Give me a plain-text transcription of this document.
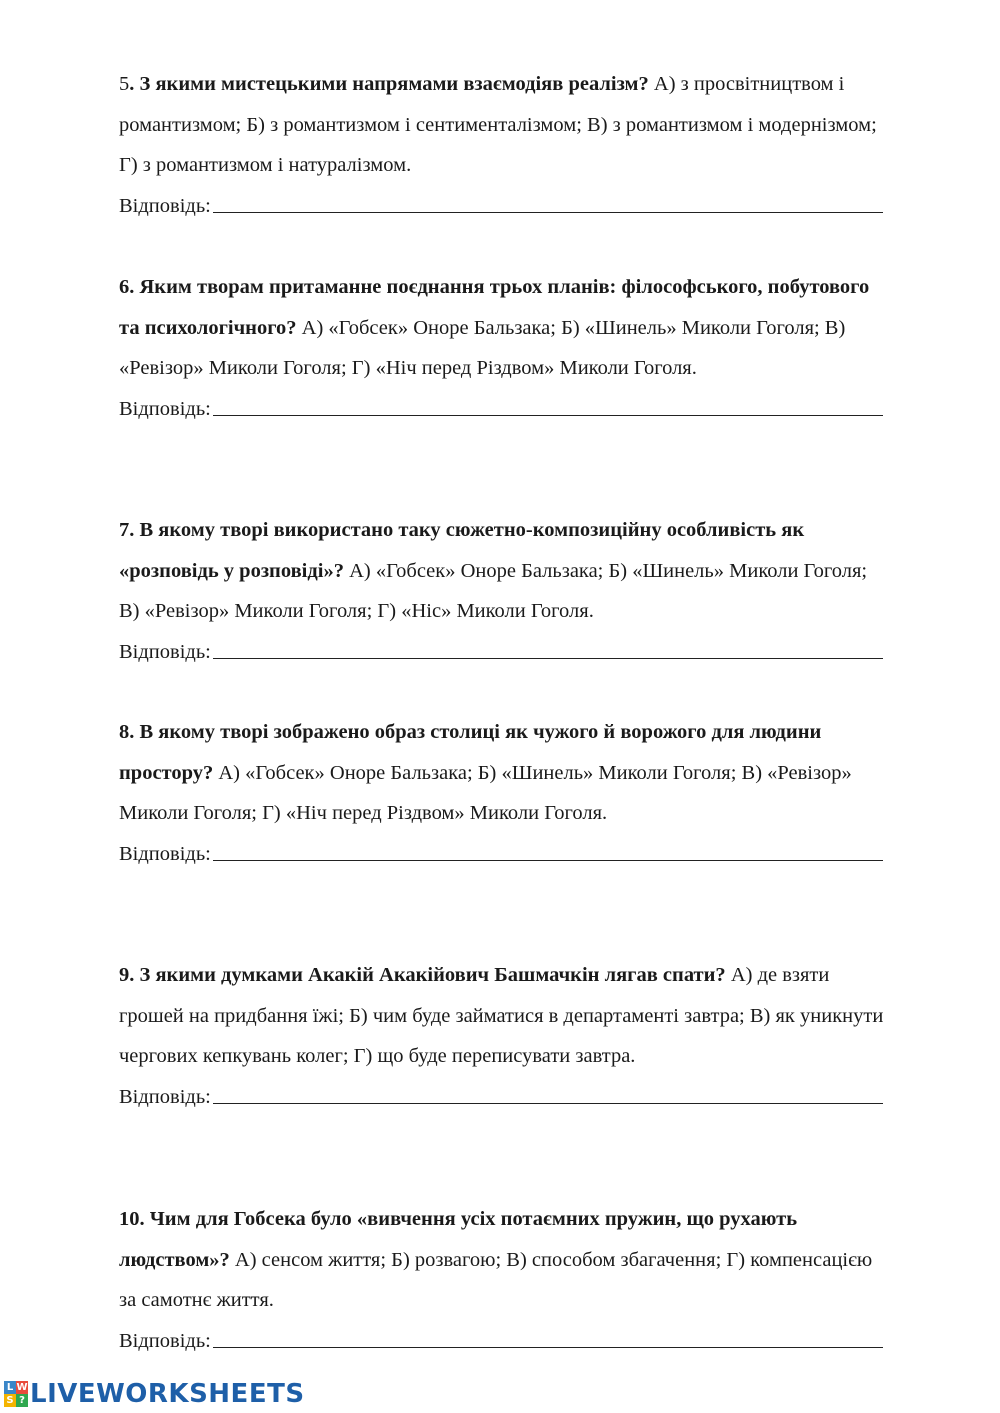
5. З якими мистецькими напрямами взаємодіяв реалізм? А) з просвітництвом і романтизмом; Б) з романтизмом і сентименталізмом; В) з романтизмом і модернізмом; Г) з романтизмом і натуралізмом.
Відповідь:
6. Яким творам притаманне поєднання трьох планів: філософського, побутового та психологічного? А) «Гобсек» Оноре Бальзака; Б) «Шинель» Миколи Гоголя; В) «Ревізор» Миколи Гоголя; Г) «Ніч перед Різдвом» Миколи Гоголя.
Відповідь:
7. В якому творі використано таку сюжетно-композиційну особливість як «розповідь у розповіді»? А) «Гобсек» Оноре Бальзака; Б) «Шинель» Миколи Гоголя; В) «Ревізор» Миколи Гоголя; Г) «Ніс» Миколи Гоголя.
Відповідь:
8. В якому творі зображено образ столиці як чужого й ворожого для людини простору? А) «Гобсек» Оноре Бальзака; Б) «Шинель» Миколи Гоголя; В) «Ревізор» Миколи Гоголя; Г) «Ніч перед Різдвом» Миколи Гоголя.
Відповідь:
9. З якими думками Акакій Акакійович Башмачкін лягав спати? А) де взяти грошей на придбання їжі; Б) чим буде займатися в департаменті завтра; В) як уникнути чергових кепкувань колег; Г) що буде переписувати завтра.
Відповідь:
10. Чим для Гобсека було «вивчення усіх потаємних пружин, що рухають людством»? А) сенсом життя; Б) розвагою; В) способом збагачення; Г) компенсацією за самотнє життя.
Відповідь:
L W
S ? LIVEWORKSHEETS
